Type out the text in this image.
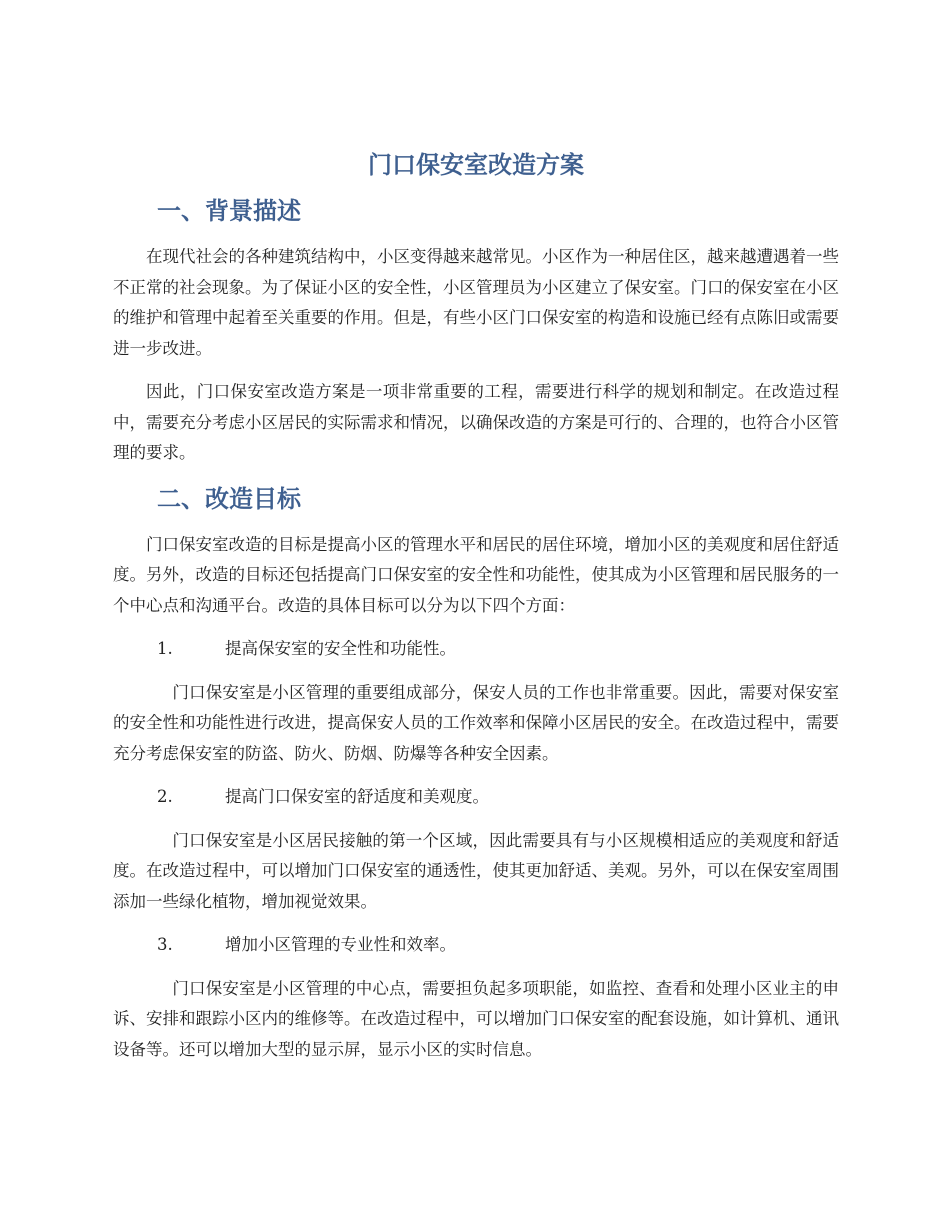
门口保安室改造方案
一、背景描述

在现代社会的各种建筑结构中，小区变得越来越常见。小区作为一种居住区，越来越遭遇着一些不正常的社会现象。为了保证小区的安全性，小区管理员为小区建立了保安室。门口的保安室在小区的维护和管理中起着至关重要的作用。但是，有些小区门口保安室的构造和设施已经有点陈旧或需要进一步改进。

因此，门口保安室改造方案是一项非常重要的工程，需要进行科学的规划和制定。在改造过程中，需要充分考虑小区居民的实际需求和情况，以确保改造的方案是可行的、合理的，也符合小区管理的要求。

二、改造目标

门口保安室改造的目标是提高小区的管理水平和居民的居住环境，增加小区的美观度和居住舒适度。另外，改造的目标还包括提高门口保安室的安全性和功能性，使其成为小区管理和居民服务的一个中心点和沟通平台。改造的具体目标可以分为以下四个方面：

1.	提高保安室的安全性和功能性。

门口保安室是小区管理的重要组成部分，保安人员的工作也非常重要。因此，需要对保安室的安全性和功能性进行改进，提高保安人员的工作效率和保障小区居民的安全。在改造过程中，需要充分考虑保安室的防盗、防火、防烟、防爆等各种安全因素。

2.	提高门口保安室的舒适度和美观度。

门口保安室是小区居民接触的第一个区域，因此需要具有与小区规模相适应的美观度和舒适度。在改造过程中，可以增加门口保安室的通透性，使其更加舒适、美观。另外，可以在保安室周围添加一些绿化植物，增加视觉效果。

3.	增加小区管理的专业性和效率。

门口保安室是小区管理的中心点，需要担负起多项职能，如监控、查看和处理小区业主的申诉、安排和跟踪小区内的维修等。在改造过程中，可以增加门口保安室的配套设施，如计算机、通讯设备等。还可以增加大型的显示屏，显示小区的实时信息。
